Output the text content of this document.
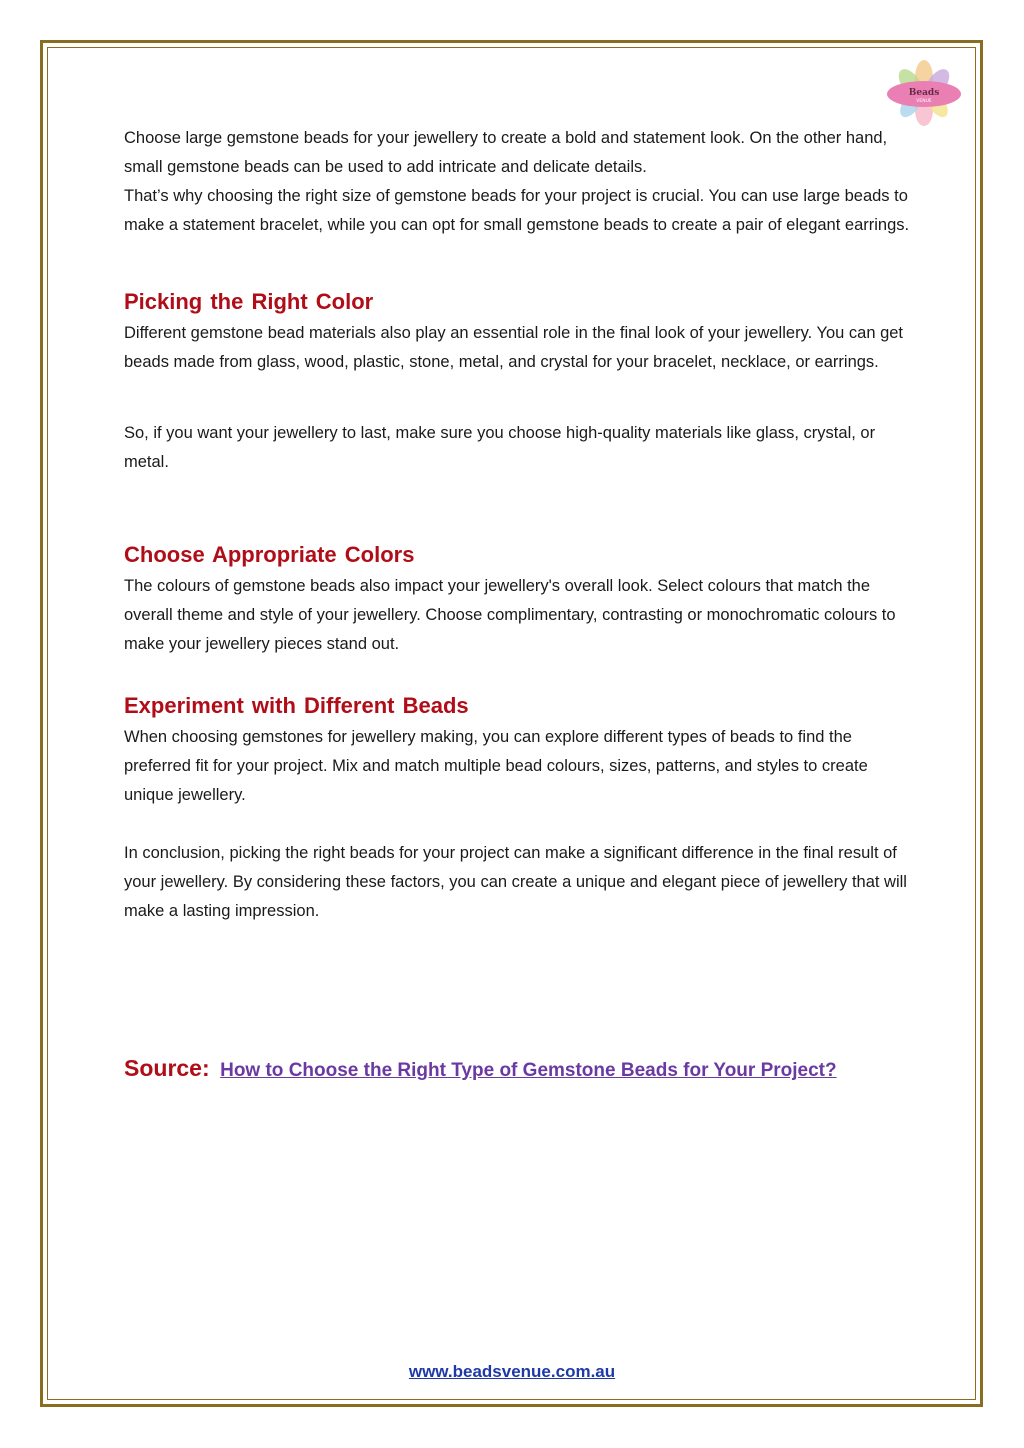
Beads
VENUE

Choose large gemstone beads for your jewellery to create a bold and statement look. On the other hand, small gemstone beads can be used to add intricate and delicate details.

That’s why choosing the right size of gemstone beads for your project is crucial. You can use large beads to make a statement bracelet, while you can opt for small gemstone beads to create a pair of elegant earrings.

Picking the Right Color

Different gemstone bead materials also play an essential role in the final look of your jewellery. You can get beads made from glass, wood, plastic, stone, metal, and crystal for your bracelet, necklace, or earrings.

So, if you want your jewellery to last, make sure you choose high-quality materials like glass, crystal, or metal.

Choose Appropriate Colors

The colours of gemstone beads also impact your jewellery's overall look. Select colours that match the overall theme and style of your jewellery. Choose complimentary, contrasting or monochromatic colours to make your jewellery pieces stand out.

Experiment with Different Beads

When choosing gemstones for jewellery making, you can explore different types of beads to find the preferred fit for your project. Mix and match multiple bead colours, sizes, patterns, and styles to create unique jewellery.

In conclusion, picking the right beads for your project can make a significant difference in the final result of your jewellery. By considering these factors, you can create a unique and elegant piece of jewellery that will make a lasting impression.

Source: How to Choose the Right Type of Gemstone Beads for Your Project?
www.beadsvenue.com.au
